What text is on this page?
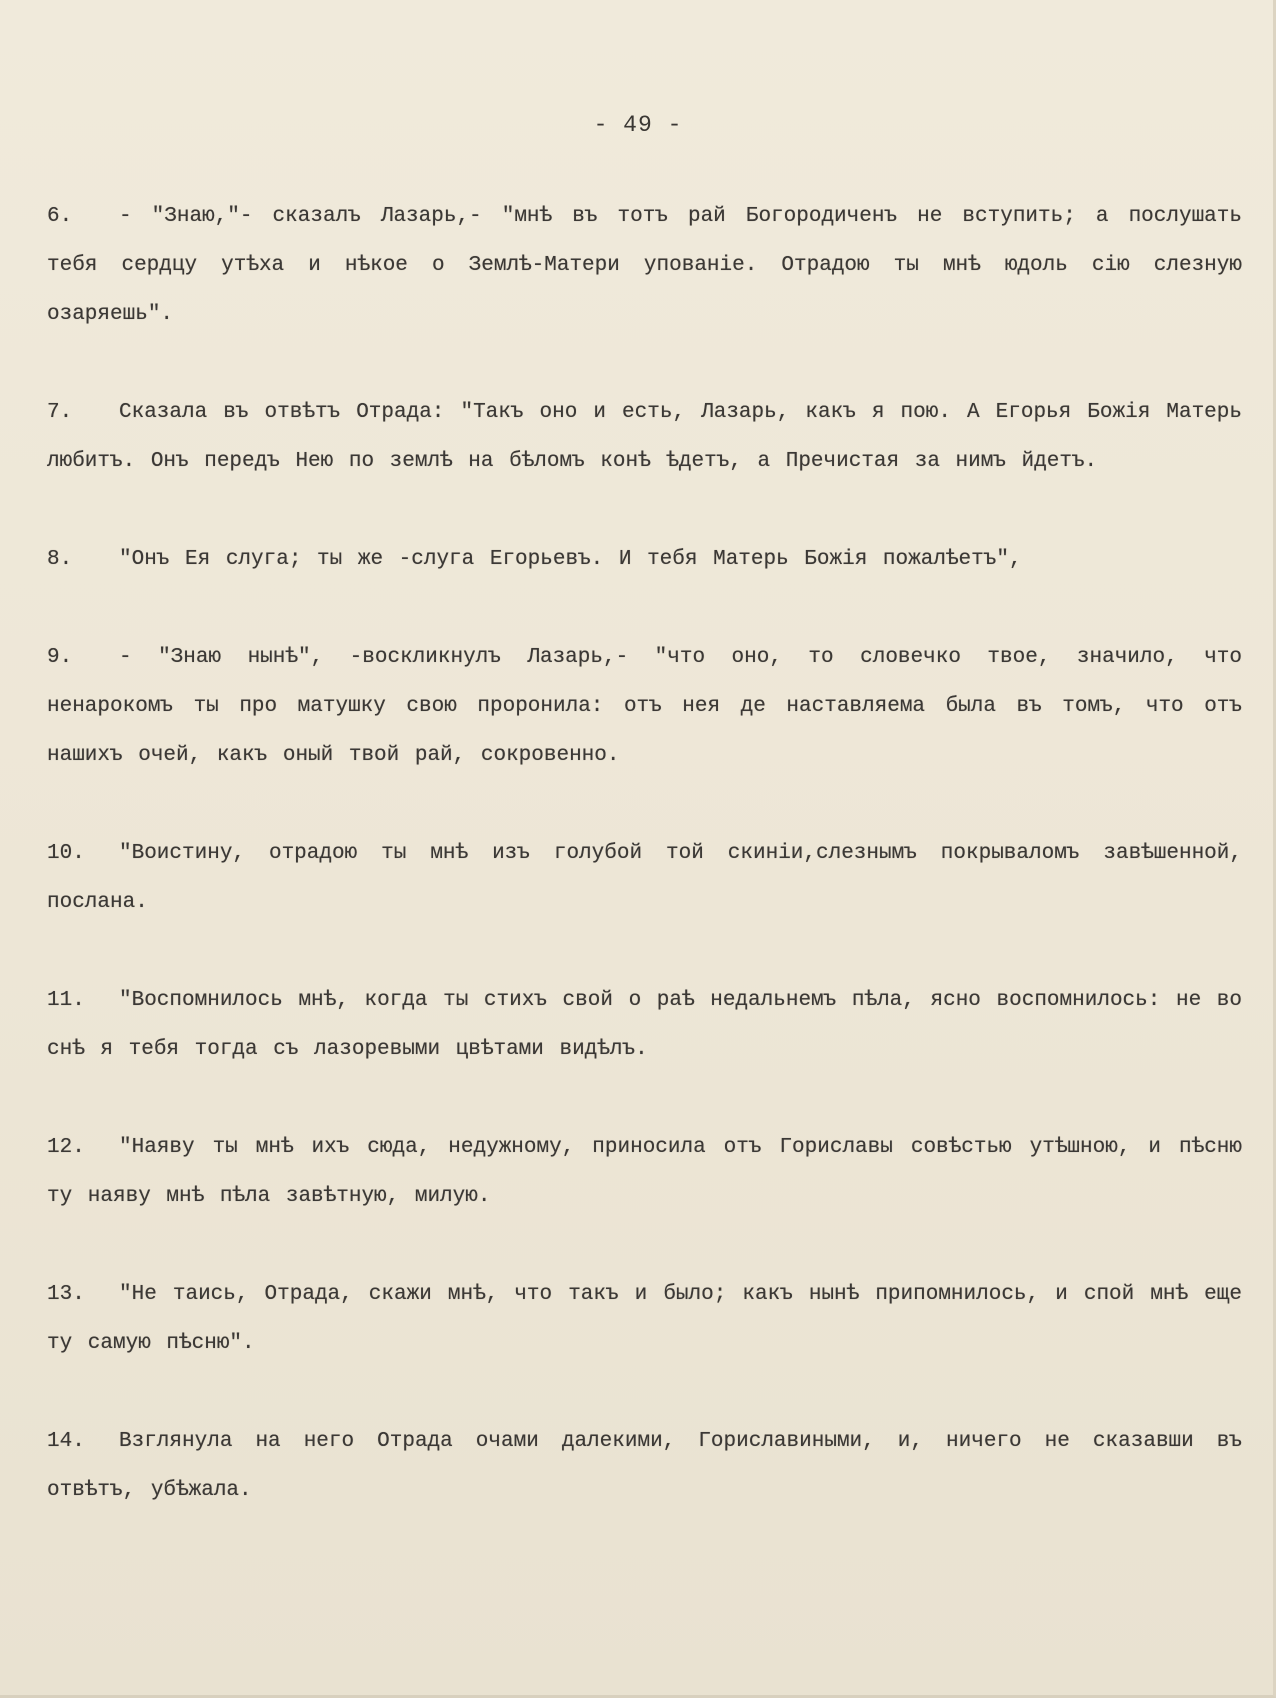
- 49 -

6. - "Знаю,"- сказалъ Лазарь,- "мнѣ въ тотъ рай Богородиченъ не вступить; а послушать тебя сердцу утѣха и нѣкое о Землѣ-Матери упованіе. Отрадою ты мнѣ юдоль сію слезную озаряешь".

7. Сказала въ отвѣтъ Отрада: "Такъ оно и есть, Лазарь, какъ я пою. А Егорья Божія Матерь любитъ. Онъ передъ Нею по землѣ на бѣломъ конѣ ѣдетъ, а Пречистая за нимъ йдетъ.

8. "Онъ Ея слуга; ты же -слуга Егорьевъ. И тебя Матерь Божія пожалѣетъ",

9. - "Знаю нынѣ", -воскликнулъ Лазарь,- "что оно, то словечко твое, значило, что ненарокомъ ты про матушку свою проронила: отъ нея де наставляема была въ томъ, что отъ нашихъ очей, какъ оный твой рай, сокровенно.

10. "Воистину, отрадою ты мнѣ изъ голубой той скиніи,слезнымъ покрываломъ завѣшенной, послана.

11. "Воспомнилось мнѣ, когда ты стихъ свой о раѣ недальнемъ пѣла, ясно воспомнилось: не во снѣ я тебя тогда съ лазоревыми цвѣтами видѣлъ.

12. "Наяву ты мнѣ ихъ сюда, недужному, приносила отъ Гориславы совѣстью утѣшною, и пѣсню ту наяву мнѣ пѣла завѣтную, милую.

13. "Не таись, Отрада, скажи мнѣ, что такъ и было; какъ нынѣ припомнилось, и спой мнѣ еще ту самую пѣсню".

14. Взглянула на него Отрада очами далекими, Гориславиными, и, ничего не сказавши въ отвѣтъ, убѣжала.
